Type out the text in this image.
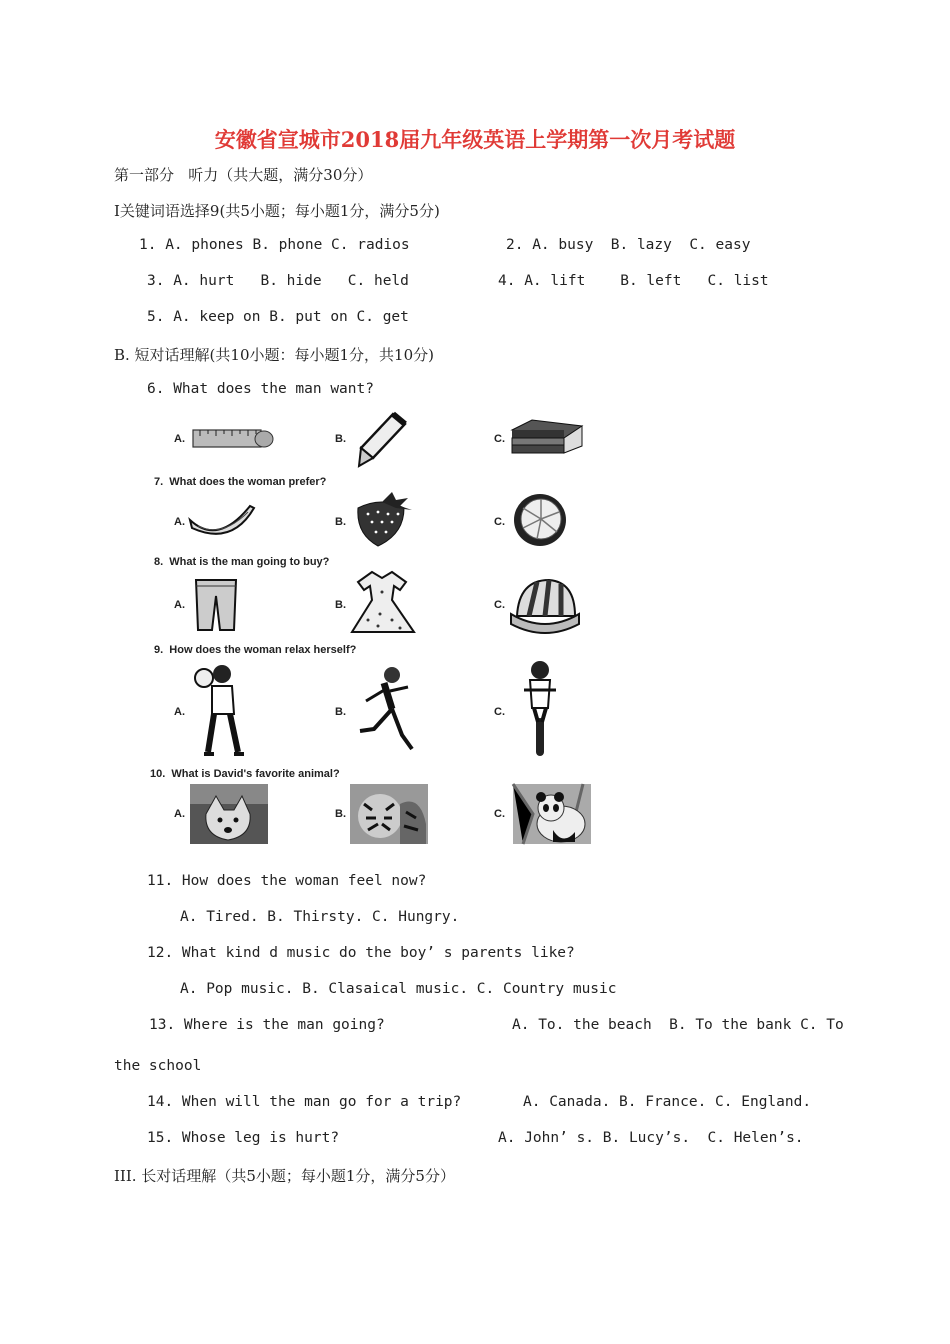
安徽省宣城市2018届九年级英语上学期第一次月考试题
第一部分   听力（共大题，满分30分）
I关键词语选择9(共5小题；每小题1分，满分5分)
1. A. phones B. phone C. radios	2. A. busy  B. lazy  C. easy
3. A. hurt   B. hide   C. held	4. A. lift    B. left   C. list
5. A. keep on B. put on C. get
B. 短对话理解(共10小题：每小题1分，共10分)
6. What does the man want?
A.	B.	C.
7.  What does the woman prefer?
A.	B.	C.
8.  What is the man going to buy?
A.	B.	C.
9.  How does the woman relax herself?
A.	B.	C.
10.  What is David's favorite animal?
A.	B.	C.
11. How does the woman feel now?
A. Tired. B. Thirsty. C. Hungry.
12. What kind d music do the boy’ s parents like?
A. Pop music. B. Clasaical music. C. Country music
13. Where is the man going?	A. To. the beach  B. To the bank C. To
the school
14. When will the man go for a trip?	A. Canada. B. France. C. England.
15. Whose leg is hurt?	A. John’ s. B. Lucy’s.  C. Helen’s.
III. 长对话理解（共5小题；每小题1分，满分5分）
